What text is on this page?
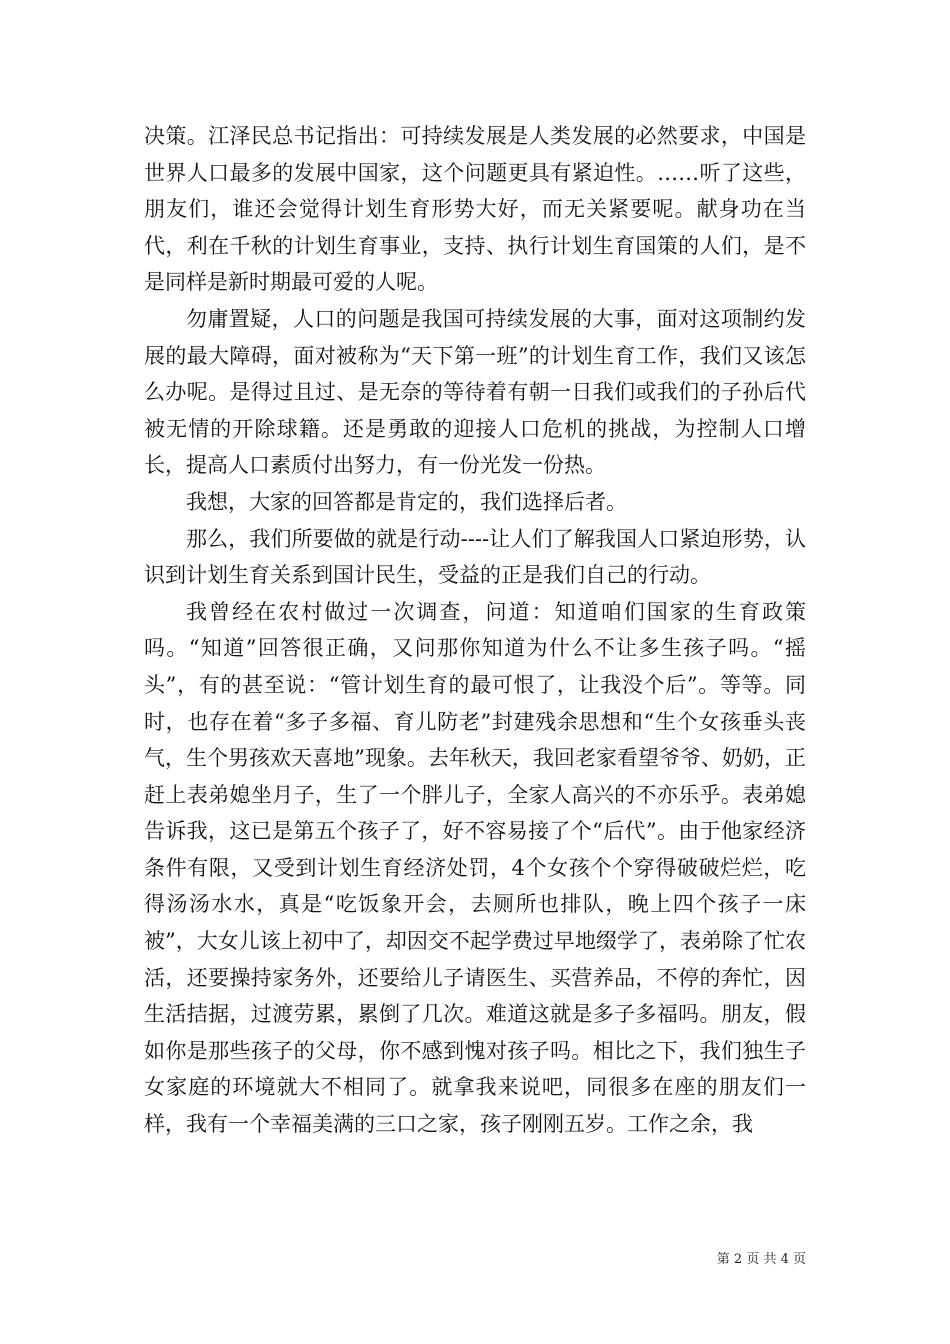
决策。江泽民总书记指出：可持续发展是人类发展的必然要求，中国是世界人口最多的发展中国家，这个问题更具有紧迫性。……听了这些，朋友们，谁还会觉得计划生育形势大好，而无关紧要呢。献身功在当代，利在千秋的计划生育事业，支持、执行计划生育国策的人们，是不是同样是新时期最可爱的人呢。

勿庸置疑，人口的问题是我国可持续发展的大事，面对这项制约发展的最大障碍，面对被称为“天下第一班”的计划生育工作，我们又该怎么办呢。是得过且过、是无奈的等待着有朝一日我们或我们的子孙后代被无情的开除球籍。还是勇敢的迎接人口危机的挑战，为控制人口增长，提高人口素质付出努力，有一份光发一份热。

我想，大家的回答都是肯定的，我们选择后者。

那么，我们所要做的就是行动----让人们了解我国人口紧迫形势，认识到计划生育关系到国计民生，受益的正是我们自己的行动。

我曾经在农村做过一次调查，问道：知道咱们国家的生育政策吗。“知道”回答很正确，又问那你知道为什么不让多生孩子吗。“摇头”，有的甚至说：“管计划生育的最可恨了，让我没个后”。等等。同时，也存在着“多子多福、育儿防老”封建残余思想和“生个女孩垂头丧气，生个男孩欢天喜地”现象。去年秋天，我回老家看望爷爷、奶奶，正赶上表弟媳坐月子，生了一个胖儿子，全家人高兴的不亦乐乎。表弟媳告诉我，这已是第五个孩子了，好不容易接了个“后代”。由于他家经济条件有限，又受到计划生育经济处罚，4个女孩个个穿得破破烂烂，吃得汤汤水水，真是“吃饭象开会，去厕所也排队，晚上四个孩子一床被”，大女儿该上初中了，却因交不起学费过早地缀学了，表弟除了忙农活，还要操持家务外，还要给儿子请医生、买营养品，不停的奔忙，因生活拮据，过渡劳累，累倒了几次。难道这就是多子多福吗。朋友，假如你是那些孩子的父母，你不感到愧对孩子吗。相比之下，我们独生子女家庭的环境就大不相同了。就拿我来说吧，同很多在座的朋友们一样，我有一个幸福美满的三口之家，孩子刚刚五岁。工作之余，我

第 2 页 共 4 页
